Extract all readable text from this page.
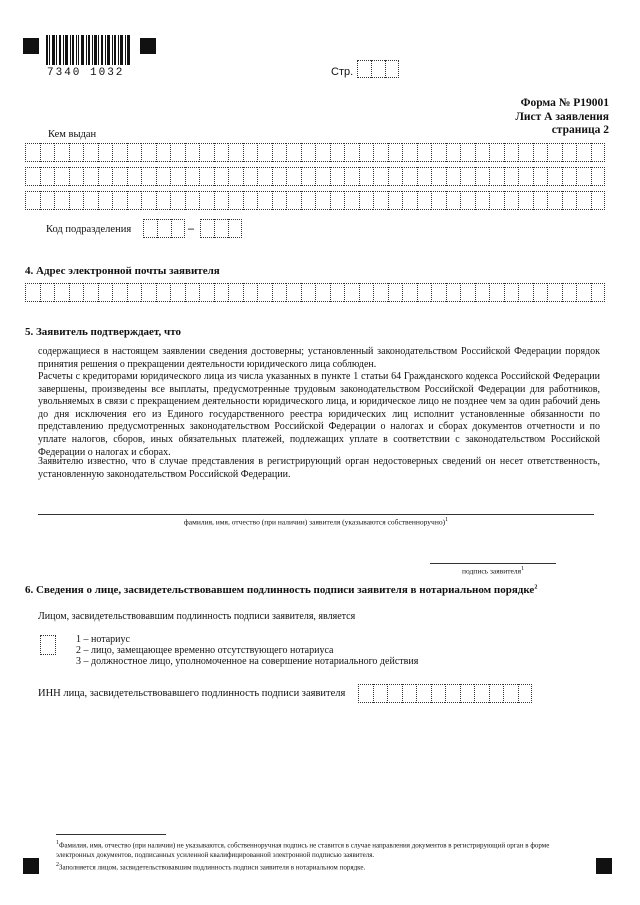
7340 1032	Стр.
Форма № Р19001
Лист А заявления
страница 2
Кем выдан
Код подразделения	–
4. Адрес электронной почты заявителя
5. Заявитель подтверждает, что
содержащиеся в настоящем заявлении сведения достоверны; установленный законодательством Российской Федерации порядок принятия решения о прекращении деятельности юридического лица соблюден.
Расчеты с кредиторами юридического лица из числа указанных в пункте 1 статьи 64 Гражданского кодекса Российской Федерации завершены, произведены все выплаты, предусмотренные трудовым законодательством Российской Федерации для работников, увольняемых в связи с прекращением деятельности юридического лица, и юридическое лицо не позднее чем за один рабочий день до дня исключения его из Единого государственного реестра юридических лиц исполнит установленные обязанности по представлению предусмотренных законодательством Российской Федерации о налогах и сборах документов отчетности и по уплате налогов, сборов, иных обязательных платежей, подлежащих уплате в соответствии с законодательством Российской Федерации о налогах и сборах.
Заявителю известно, что в случае представления в регистрирующий орган недостоверных сведений он несет ответственность, установленную законодательством Российской Федерации.
фамилия, имя, отчество (при наличии) заявителя (указываются собственноручно)$^1$
подпись заявителя$^1$
6. Сведения о лице, засвидетельствовавшем подлинность подписи заявителя в нотариальном порядке$^2$
Лицом, засвидетельствовавшим подлинность подписи заявителя, является
1 – нотариус
2 – лицо, замещающее временно отсутствующего нотариуса
3 – должностное лицо, уполномоченное на совершение нотариального действия
ИНН лица, засвидетельствовавшего подлинность подписи заявителя
$^1$Фамилия, имя, отчество (при наличии) не указываются, собственноручная подпись не ставится в случае направления документов в регистрирующий орган в форме электронных документов, подписанных усиленной квалифицированной электронной подписью заявителя.
$^2$Заполняется лицом, засвидетельствовавшим подлинность подписи заявителя в нотариальном порядке.
